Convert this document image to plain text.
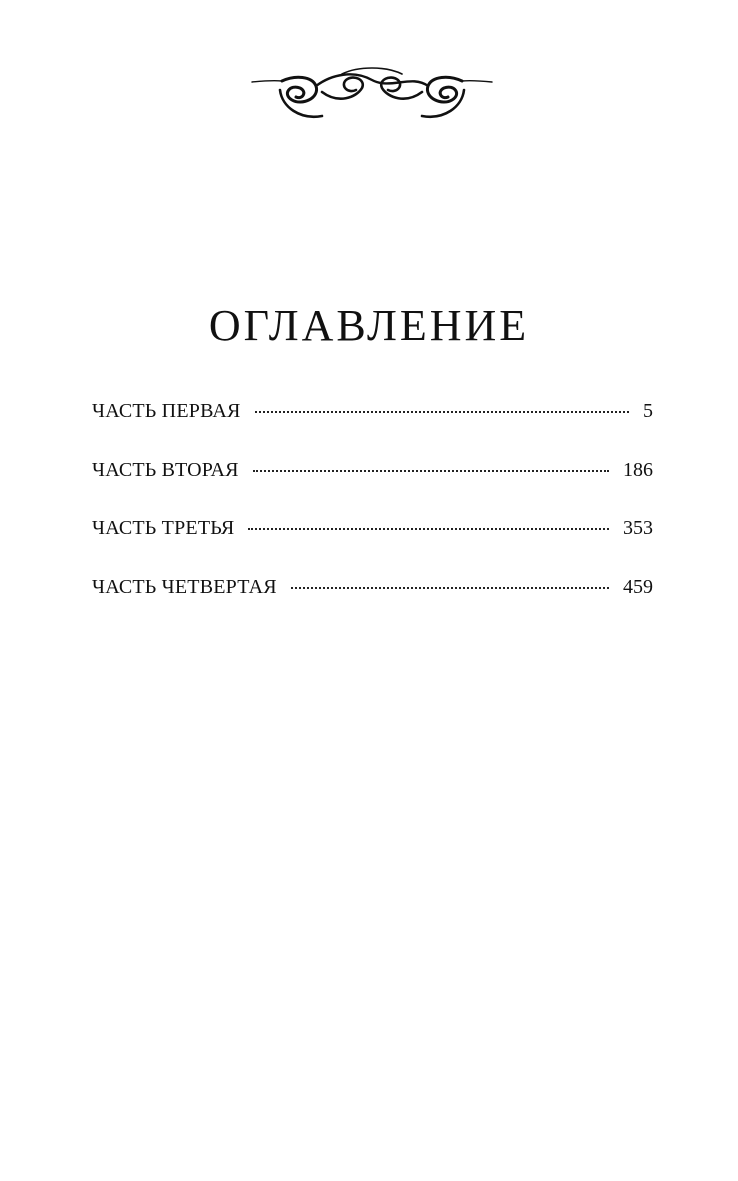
ОГЛАВЛЕНИЕ
ЧАСТЬ ПЕРВАЯ	5
ЧАСТЬ ВТОРАЯ	186
ЧАСТЬ ТРЕТЬЯ	353
ЧАСТЬ ЧЕТВЕРТАЯ	459
